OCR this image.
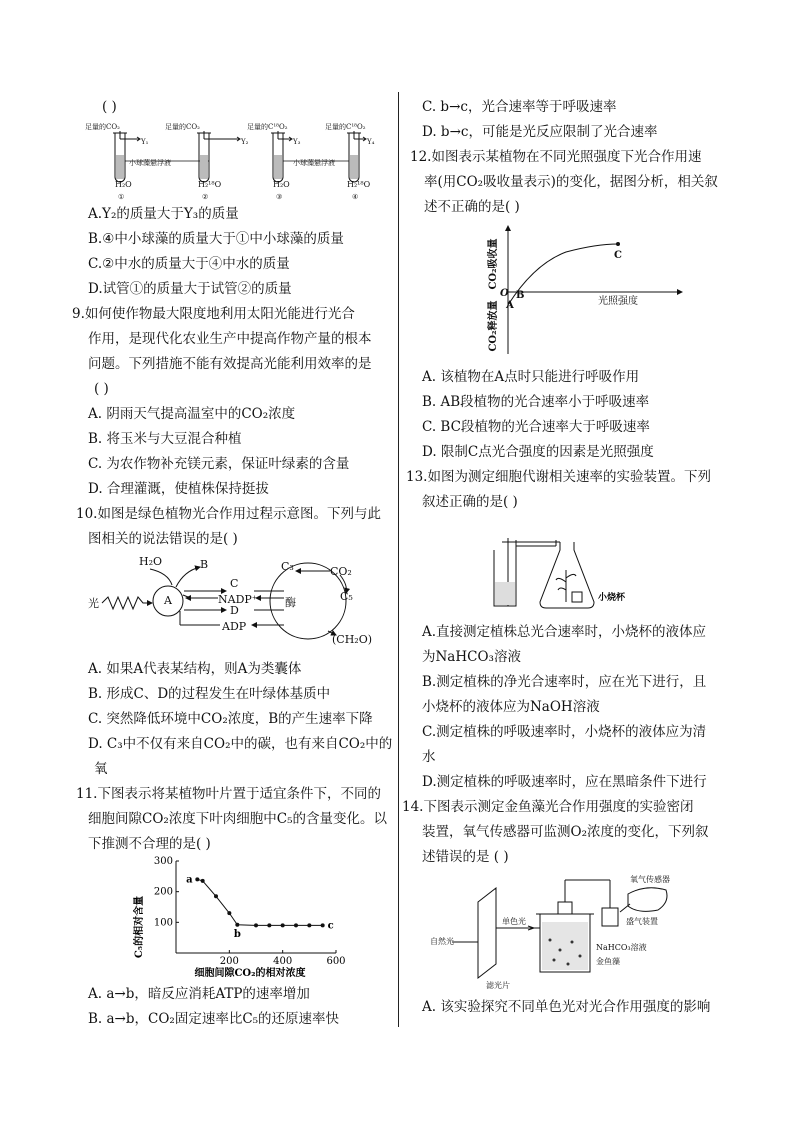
( )
足量的CO₂
Y₁	Y₂
足量的CO₂	足量的C¹⁸O₂
Y₃
足量的C¹⁸O₂
Y₄
小球藻悬浮液	小球藻悬浮液
H₂O	H₂¹⁸O	H₂O	H₂¹⁸O
①	②	③	④
A.Y₂的质量大于Y₃的质量
B.④中小球藻的质量大于①中小球藻的质量
C.②中水的质量大于④中水的质量
D.试管①的质量大于试管②的质量
9.如何使作物最大限度地利用太阳光能进行光合
作用，是现代化农业生产中提高作物产量的根本
问题。下列措施不能有效提高光能利用效率的是
( )
A. 阴雨天气提高温室中的CO₂浓度
B. 将玉米与大豆混合种植
C. 为农作物补充镁元素，保证叶绿素的含量
D. 合理灌溉，使植株保持挺拔
10.如图是绿色植物光合作用过程示意图。下列与此
图相关的说法错误的是( )
H₂O	B
C
NADP⁺
D
ADP
光	A
C₃	CO₂
C₅
酶
(CH₂O)
A. 如果A代表某结构，则A为类囊体
B. 形成C、D的过程发生在叶绿体基质中
C. 突然降低环境中CO₂浓度，B的产生速率下降
D. C₃中不仅有来自CO₂中的碳，也有来自CO₂中的
氧
11.下图表示将某植物叶片置于适宜条件下，不同的
细胞间隙CO₂浓度下叶肉细胞中C₅的含量变化。以
下推测不合理的是( )
200	400	600
100
200
300
a
b
c
C₅的相对含量
细胞间隙CO₂的相对浓度
A. a→b，暗反应消耗ATP的速率增加
B. a→b，CO₂固定速率比C₅的还原速率快
C. b→c，光合速率等于呼吸速率
D. b→c，可能是光反应限制了光合速率
12.如图表示某植物在不同光照强度下光合作用速
率(用CO₂吸收量表示)的变化，据图分析，相关叙
述不正确的是( )
CO₂吸收量
CO₂释放量	光照强度
O
A
B
C
A. 该植物在A点时只能进行呼吸作用
B. AB段植物的光合速率小于呼吸速率
C. BC段植物的光合速率大于呼吸速率
D. 限制C点光合强度的因素是光照强度
13.如图为测定细胞代谢相关速率的实验装置。下列
叙述正确的是( )
小烧杯
A.直接测定植株总光合速率时，小烧杯的液体应
为NaHCO₃溶液
B.测定植株的净光合速率时，应在光下进行，且
小烧杯的液体应为NaOH溶液
C.测定植株的呼吸速率时，小烧杯的液体应为清
水
D.测定植株的呼吸速率时，应在黑暗条件下进行
14.下图表示测定金鱼藻光合作用强度的实验密闭
装置，氧气传感器可监测O₂浓度的变化，下列叙
述错误的是 ( )
氧气传感器
盛气装置
自然光
单色光
NaHCO₃溶液
金鱼藻
滤光片
A. 该实验探究不同单色光对光合作用强度的影响
